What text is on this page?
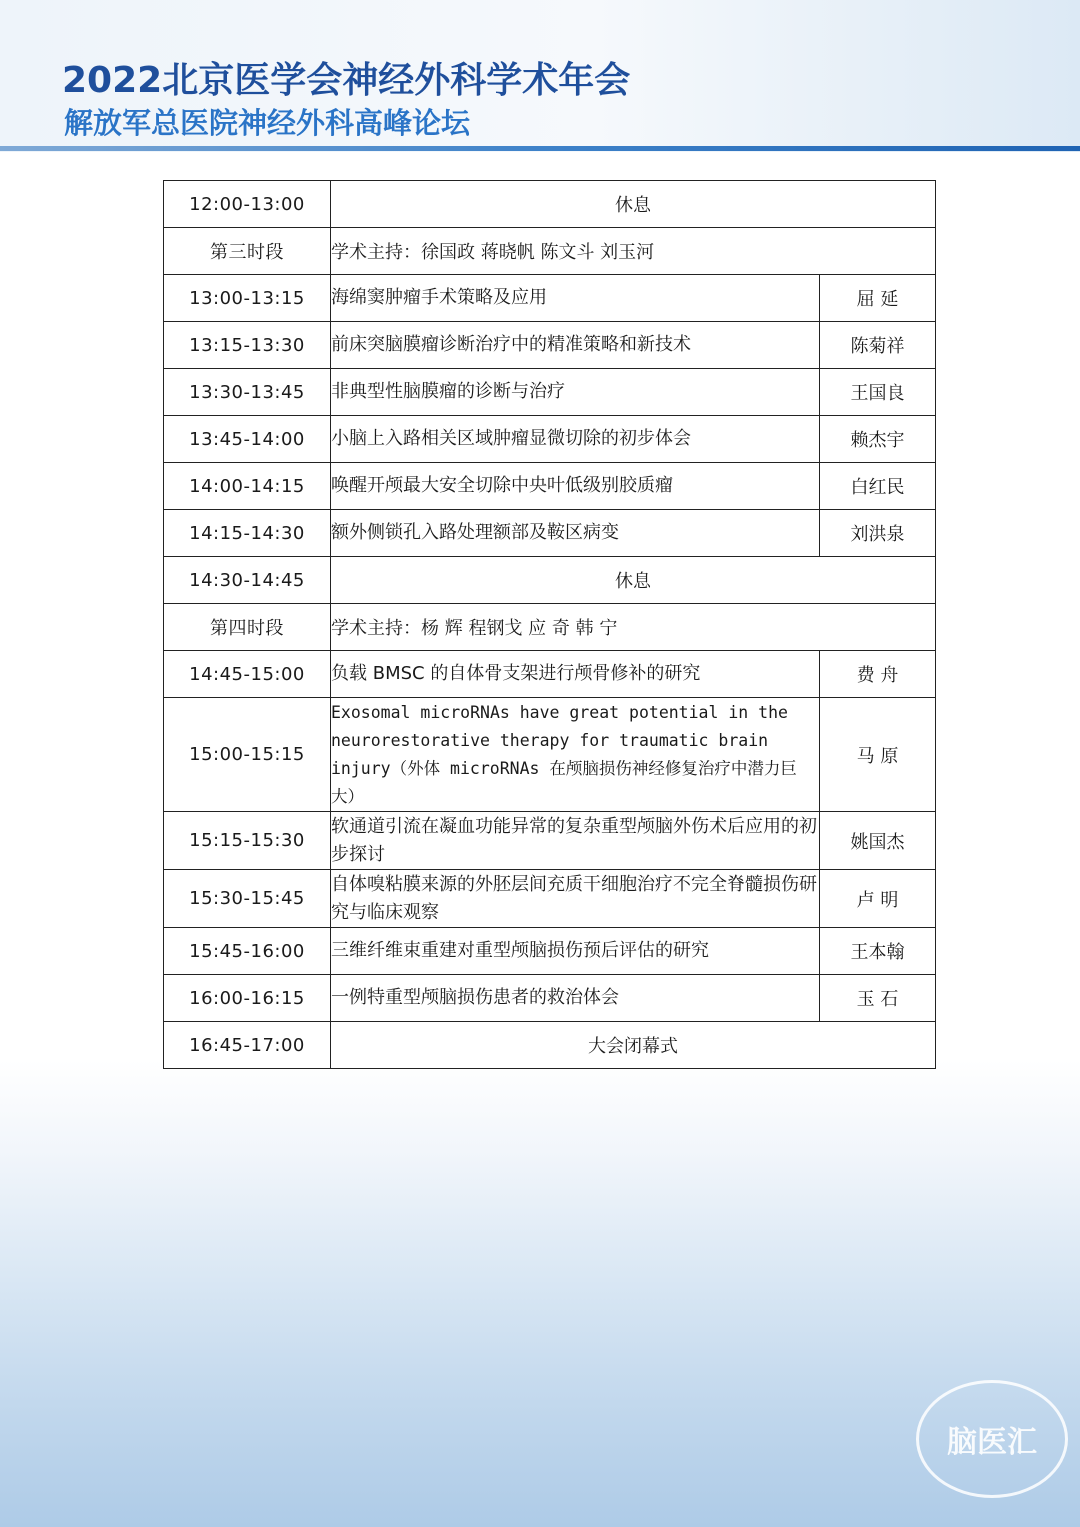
2022北京医学会神经外科学术年会
解放军总医院神经外科高峰论坛
12:00-13:00	休息	
第三时段	学术主持：徐国政 蒋晓帆 陈文斗 刘玉河	
13:00-13:15	海绵窦肿瘤手术策略及应用	屈 延
13:15-13:30	前床突脑膜瘤诊断治疗中的精准策略和新技术	陈菊祥
13:30-13:45	非典型性脑膜瘤的诊断与治疗	王国良
13:45-14:00	小脑上入路相关区域肿瘤显微切除的初步体会	赖杰宇
14:00-14:15	唤醒开颅最大安全切除中央叶低级别胶质瘤	白红民
14:15-14:30	额外侧锁孔入路处理额部及鞍区病变	刘洪泉
14:30-14:45	休息	
第四时段	学术主持：杨 辉 程钢戈 应 奇 韩 宁	
14:45-15:00	负载 BMSC 的自体骨支架进行颅骨修补的研究	费 舟
15:00-15:15	Exosomal microRNAs have great potential in the neurorestorative therapy for traumatic brain injury（外体 microRNAs 在颅脑损伤神经修复治疗中潜力巨大）	马 原
15:15-15:30	软通道引流在凝血功能异常的复杂重型颅脑外伤术后应用的初步探讨	姚国杰
15:30-15:45	自体嗅粘膜来源的外胚层间充质干细胞治疗不完全脊髓损伤研究与临床观察	卢 明
15:45-16:00	三维纤维束重建对重型颅脑损伤预后评估的研究	王本翰
16:00-16:15	一例特重型颅脑损伤患者的救治体会	玉 石
16:45-17:00	大会闭幕式	
脑医汇
